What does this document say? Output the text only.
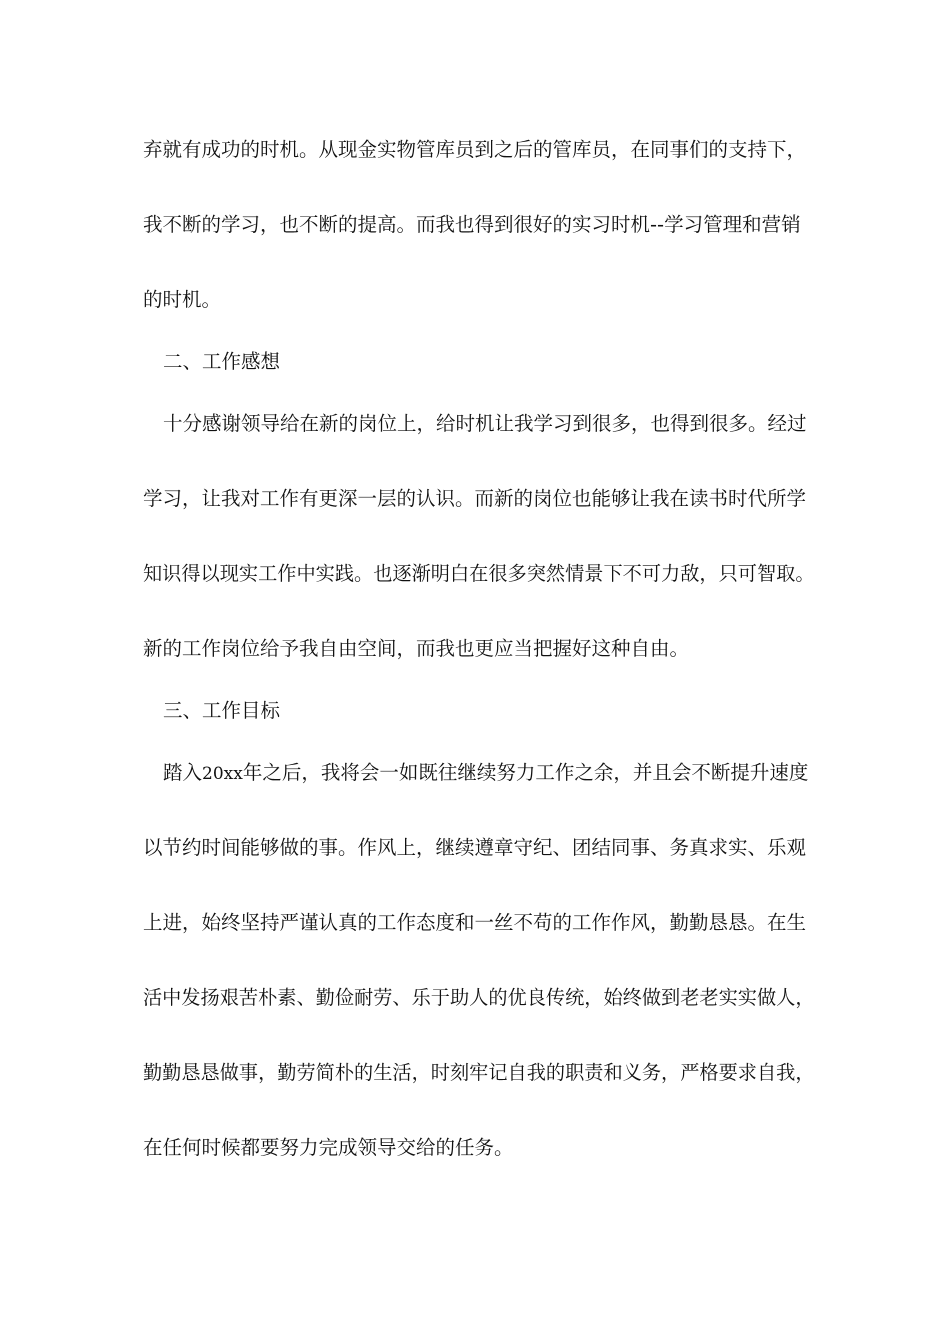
弃就有成功的时机。从现金实物管库员到之后的管库员，在同事们的支持下，
我不断的学习，也不断的提高。而我也得到很好的实习时机--学习管理和营销
的时机。
二、工作感想
十分感谢领导给在新的岗位上，给时机让我学习到很多，也得到很多。经过
学习，让我对工作有更深一层的认识。而新的岗位也能够让我在读书时代所学
知识得以现实工作中实践。也逐渐明白在很多突然情景下不可力敌，只可智取。
新的工作岗位给予我自由空间，而我也更应当把握好这种自由。
三、工作目标
踏入20xx年之后，我将会一如既往继续努力工作之余，并且会不断提升速度
以节约时间能够做的事。作风上，继续遵章守纪、团结同事、务真求实、乐观
上进，始终坚持严谨认真的工作态度和一丝不苟的工作作风，勤勤恳恳。在生
活中发扬艰苦朴素、勤俭耐劳、乐于助人的优良传统，始终做到老老实实做人，
勤勤恳恳做事，勤劳简朴的生活，时刻牢记自我的职责和义务，严格要求自我，
在任何时候都要努力完成领导交给的任务。
